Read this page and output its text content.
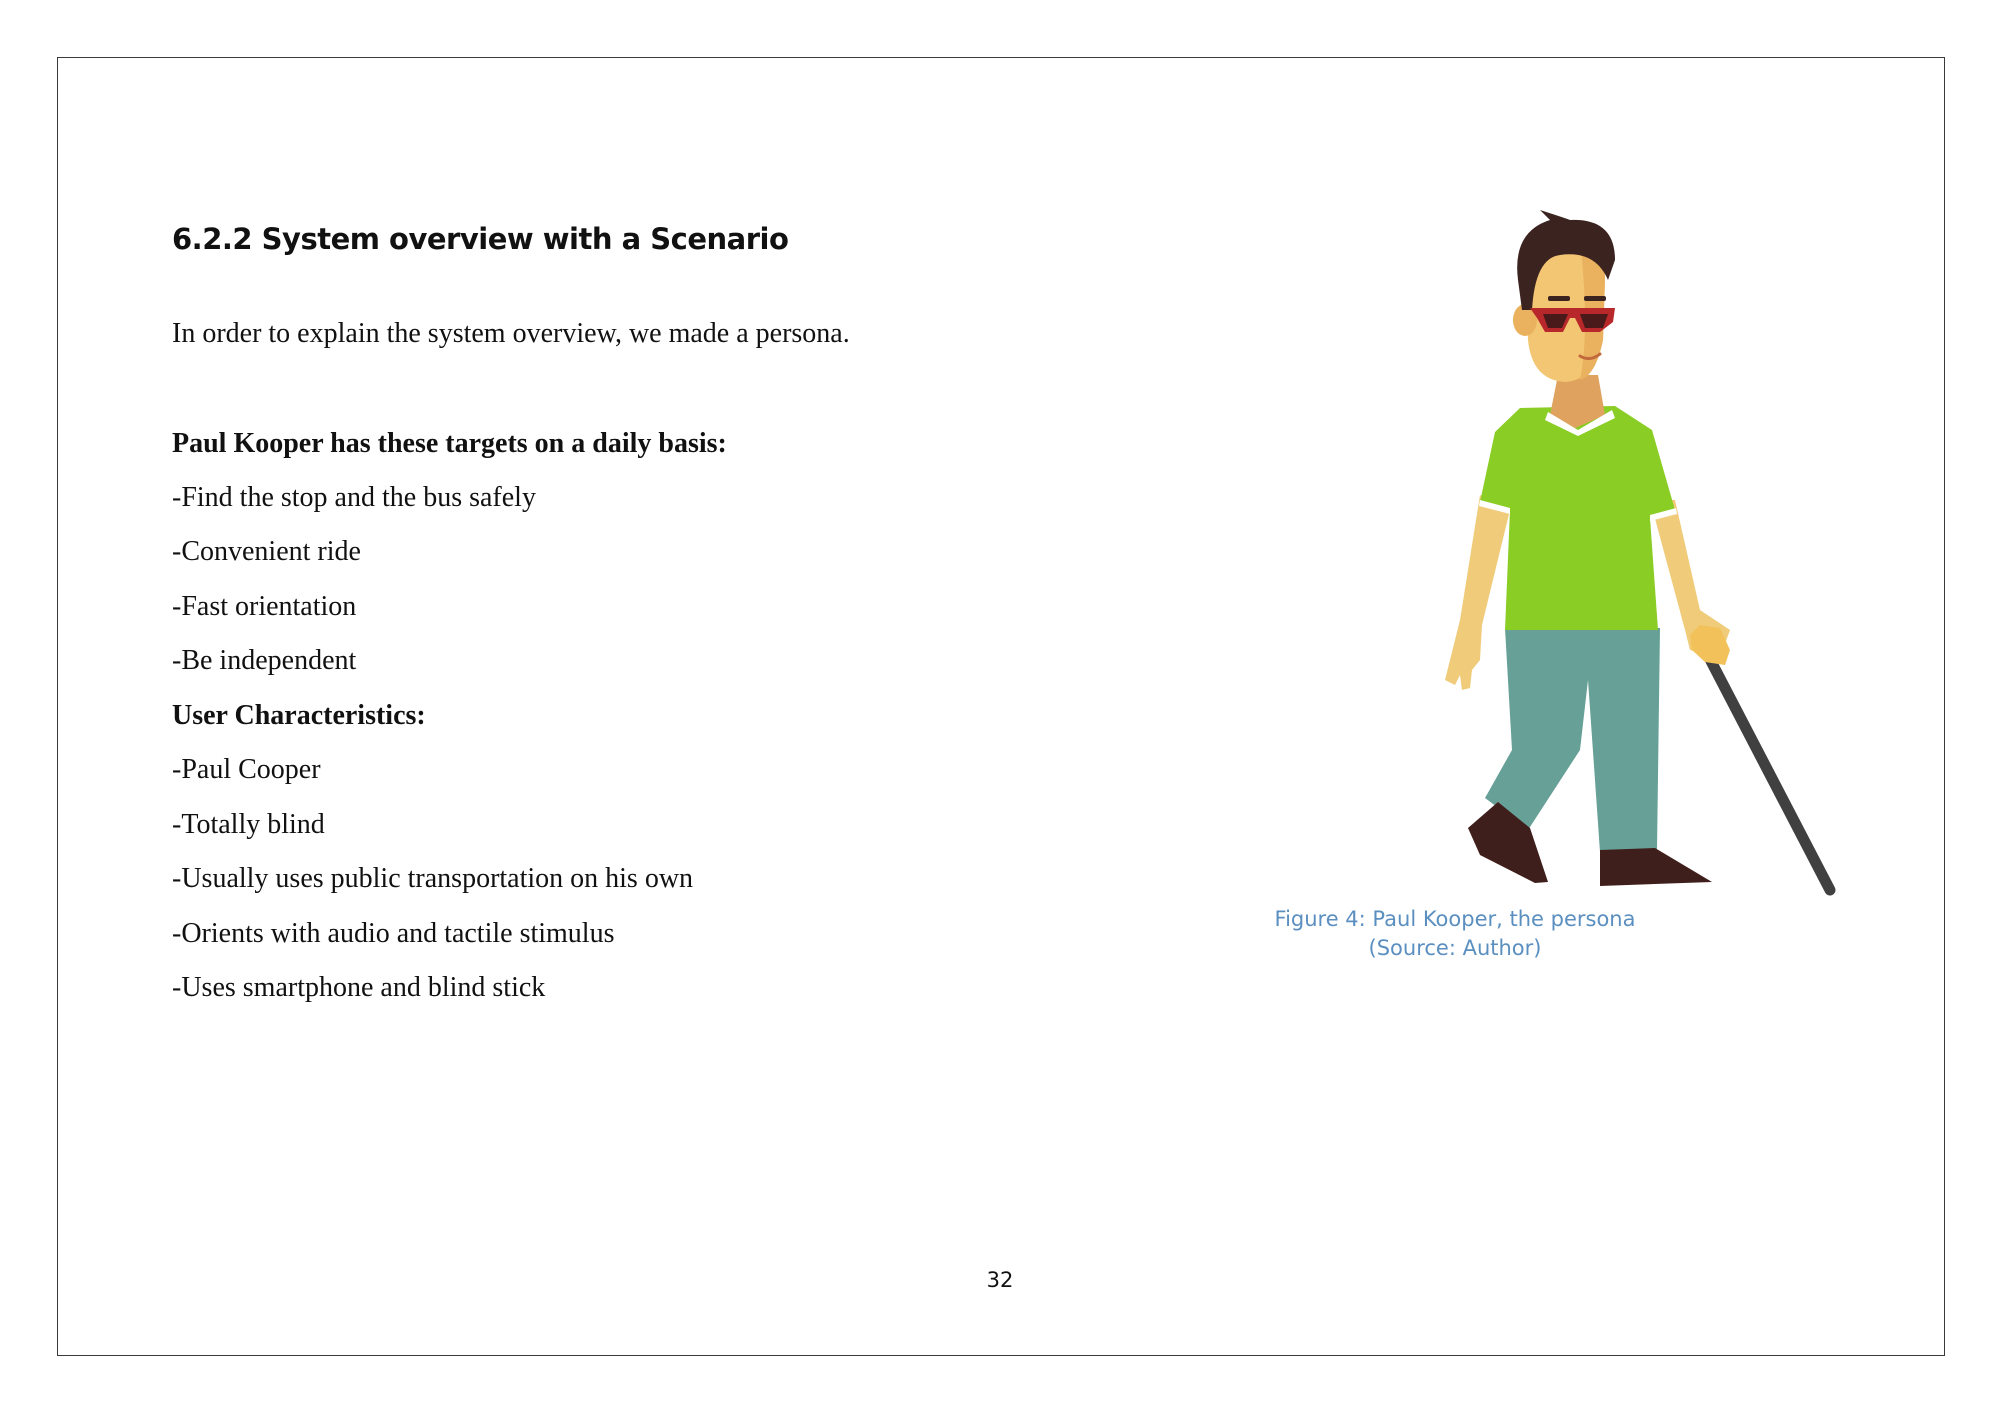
6.2.2 System overview with a Scenario

In order to explain the system overview, we made a persona.

Paul Kooper has these targets on a daily basis:

-Find the stop and the bus safely

-Convenient ride

-Fast orientation

-Be independent

User Characteristics:

-Paul Cooper

-Totally blind

-Usually uses public transportation on his own

-Orients with audio and tactile stimulus

-Uses smartphone and blind stick

Figure 4: Paul Kooper, the persona
(Source: Author)
32
